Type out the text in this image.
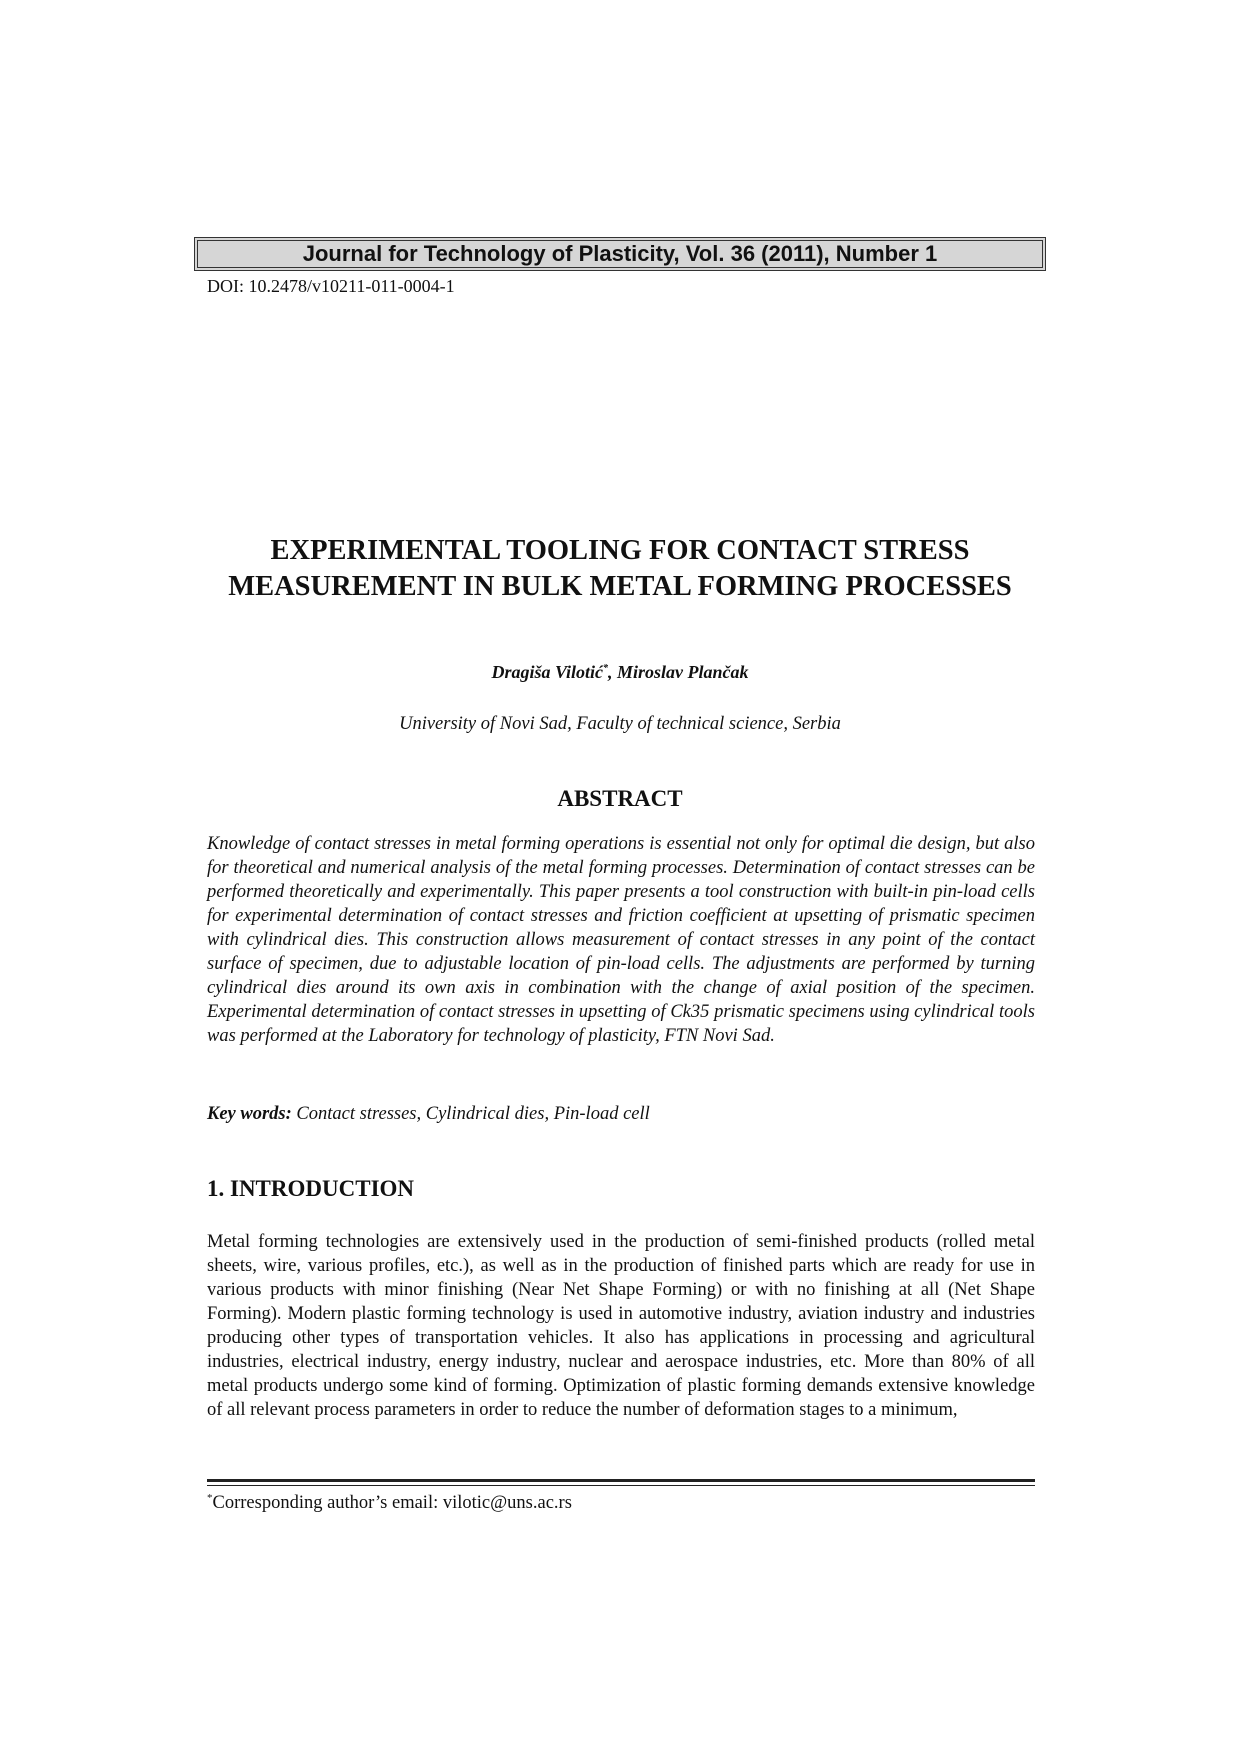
Journal for Technology of Plasticity, Vol. 36 (2011), Number 1
DOI: 10.2478/v10211-011-0004-1
EXPERIMENTAL TOOLING FOR CONTACT STRESS MEASUREMENT IN BULK METAL FORMING PROCESSES
Dragiša Vilotić*, Miroslav Plančak
University of Novi Sad, Faculty of technical science, Serbia
ABSTRACT
Knowledge of contact stresses in metal forming operations is essential not only for optimal die design, but also for theoretical and numerical analysis of the metal forming processes. Determination of contact stresses can be performed theoretically and experimentally. This paper presents a tool construction with built-in pin-load cells for experimental determination of contact stresses and friction coefficient at upsetting of prismatic specimen with cylindrical dies. This construction allows measurement of contact stresses in any point of the contact surface of specimen, due to adjustable location of pin-load cells. The adjustments are performed by turning cylindrical dies around its own axis in combination with the change of axial position of the specimen. Experimental determination of contact stresses in upsetting of Ck35 prismatic specimens using cylindrical tools was performed at the Laboratory for technology of plasticity, FTN Novi Sad.
Key words: Contact stresses, Cylindrical dies, Pin-load cell
1. INTRODUCTION
Metal forming technologies are extensively used in the production of semi-finished products (rolled metal sheets, wire, various profiles, etc.), as well as in the production of finished parts which are ready for use in various products with minor finishing (Near Net Shape Forming) or with no finishing at all (Net Shape Forming). Modern plastic forming technology is used in automotive industry, aviation industry and industries producing other types of transportation vehicles. It also has applications in processing and agricultural industries, electrical industry, energy industry, nuclear and aerospace industries, etc. More than 80% of all metal products undergo some kind of forming. Optimization of plastic forming demands extensive knowledge of all relevant process parameters in order to reduce the number of deformation stages to a minimum,
*Corresponding author’s email: vilotic@uns.ac.rs
